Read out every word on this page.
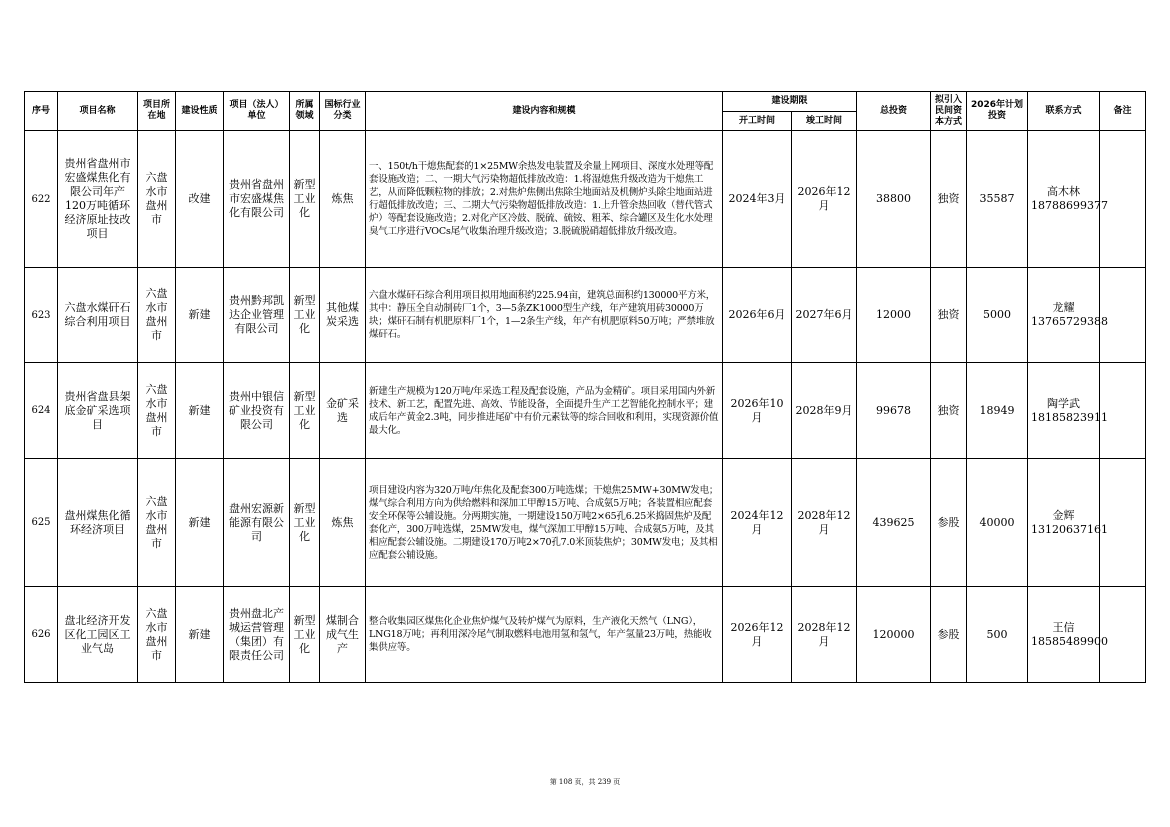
序号	项目名称	项目所在地	建设性质	项目（法人）单位	所属领域	国标行业分类	建设内容和规模	建设期限		总投资	拟引入民间资本方式	2026年计划投资	联系方式	备注
								开工时间	竣工时间					
622	贵州省盘州市宏盛煤焦化有限公司年产120万吨循环经济原址技改项目	六盘水市盘州市	改建	贵州省盘州市宏盛煤焦化有限公司	新型工业化	炼焦	一、150t/h干熄焦配套的1×25MW余热发电装置及余量上网项目、深度水处理等配套设施改造；二、一期大气污染物超低排放改造：1.将湿熄焦升级改造为干熄焦工艺，从而降低颗粒物的排放；2.对焦炉焦侧出焦除尘地面站及机侧炉头除尘地面站进行超低排放改造；三、二期大气污染物超低排放改造：1.上升管余热回收（替代管式炉）等配套设施改造；2.对化产区冷鼓、脱硫、硫铵、粗苯、综合罐区及生化水处理臭气工序进行VOCs尾气收集治理升级改造；3.脱硫脱硝超低排放升级改造。	2024年3月	2026年12月	38800	独资	35587	高木林
18788699377	

623	六盘水煤矸石综合利用项目	六盘水市盘州市	新建	贵州黔邦凯达企业管理有限公司	新型工业化	其他煤炭采选	六盘水煤矸石综合利用项目拟用地面积约225.94亩，建筑总面积约130000平方米，其中：静压全自动制砖厂1个，3—5条ZK1000型生产线，年产建筑用砖30000万块；煤矸石制有机肥原料厂1个，1—2条生产线，年产有机肥原料50万吨；严禁堆放煤矸石。	2026年6月	2027年6月	12000	独资	5000	龙耀
13765729388	

624	贵州省盘县架底金矿采选项目	六盘水市盘州市	新建	贵州中银信矿业投资有限公司	新型工业化	金矿采选	新建生产规模为120万吨/年采选工程及配套设施，产品为金精矿。项目采用国内外新技术、新工艺，配置先进、高效、节能设备，全面提升生产工艺智能化控制水平；建成后年产黄金2.3吨，同步推进尾矿中有价元素钛等的综合回收和利用，实现资源价值最大化。	2026年10月	2028年9月	99678	独资	18949	陶学武
18185823911	

625	盘州煤焦化循环经济项目	六盘水市盘州市	新建	盘州宏源新能源有限公司	新型工业化	炼焦	项目建设内容为320万吨/年焦化及配套300万吨选煤；干熄焦25MW+30MW发电；煤气综合利用方向为供给燃料和深加工甲醇15万吨、合成氨5万吨；各装置相应配套安全环保等公辅设施。分两期实施，一期建设150万吨2×65孔6.25米捣固焦炉及配套化产，300万吨选煤，25MW发电，煤气深加工甲醇15万吨、合成氨5万吨，及其相应配套公辅设施。二期建设170万吨2×70孔7.0米顶装焦炉；30MW发电；及其相应配套公辅设施。	2024年12月	2028年12月	439625	参股	40000	金辉
13120637161	

626	盘北经济开发区化工园区工业气岛	六盘水市盘州市	新建	贵州盘北产城运营管理（集团）有限责任公司	新型工业化	煤制合成气生产	整合收集园区煤焦化企业焦炉煤气及转炉煤气为原料，生产液化天然气（LNG），LNG18万吨；再利用深冷尾气制取燃料电池用氢和氢气，年产氢量23万吨，热能收集供应等。	2026年12月	2028年12月	120000	参股	500	王信
18585489900	

第 108 页，共 239 页
